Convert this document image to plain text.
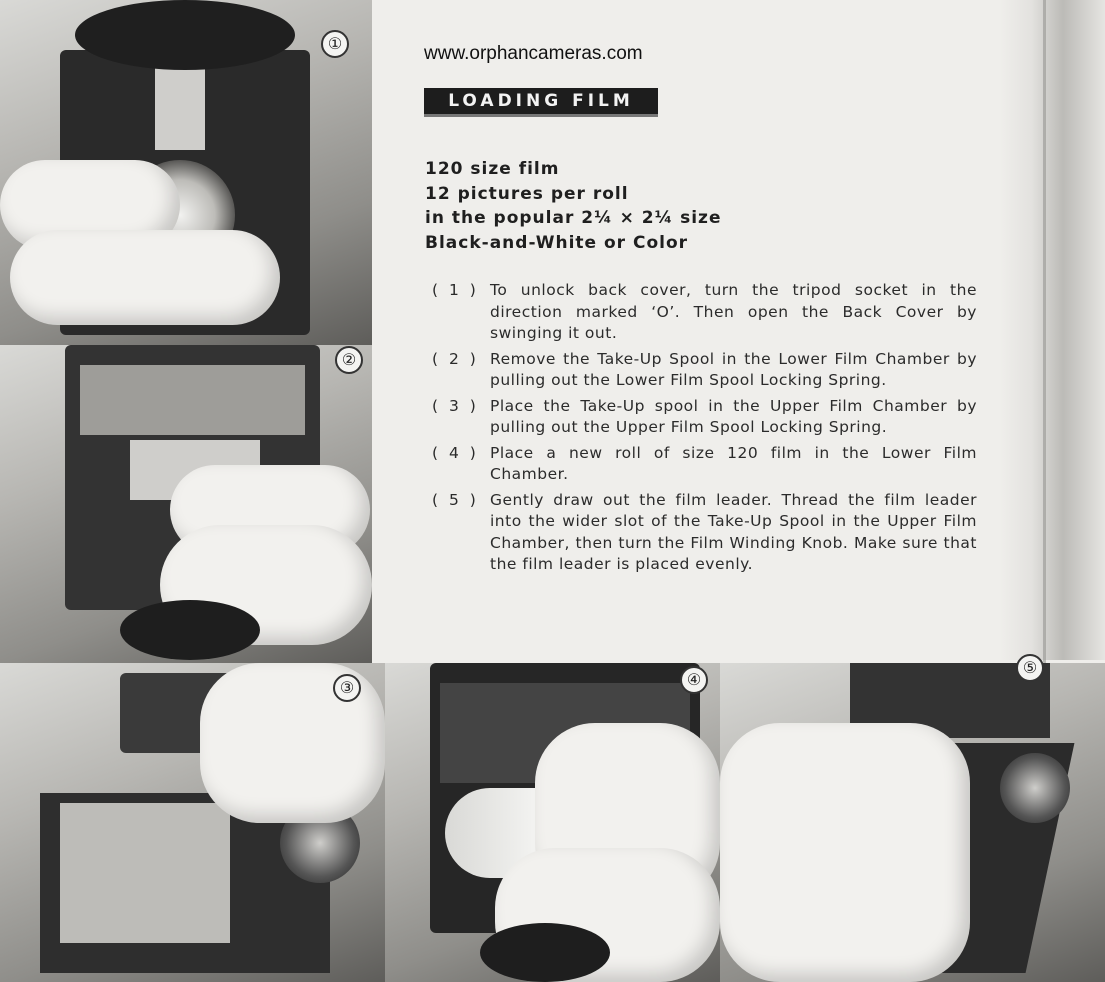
①
②
③	④
⑤
www.orphancameras.com
LOADING FILM
120 size film
12 pictures per roll
in the popular 2¼ × 2¼ size
Black-and-White or Color
( 1 ) To unlock back cover, turn the tripod socket in the direction marked ‘O’. Then open the Back Cover by swinging it out.
( 2 ) Remove the Take-Up Spool in the Lower Film Chamber by pulling out the Lower Film Spool Locking Spring.
( 3 ) Place the Take-Up spool in the Upper Film Chamber by pulling out the Upper Film Spool Locking Spring.
( 4 ) Place a new roll of size 120 film in the Lower Film Chamber.
( 5 ) Gently draw out the film leader. Thread the film leader into the wider slot of the Take-Up Spool in the Upper Film Chamber, then turn the Film Winding Knob. Make sure that the film leader is placed evenly.
